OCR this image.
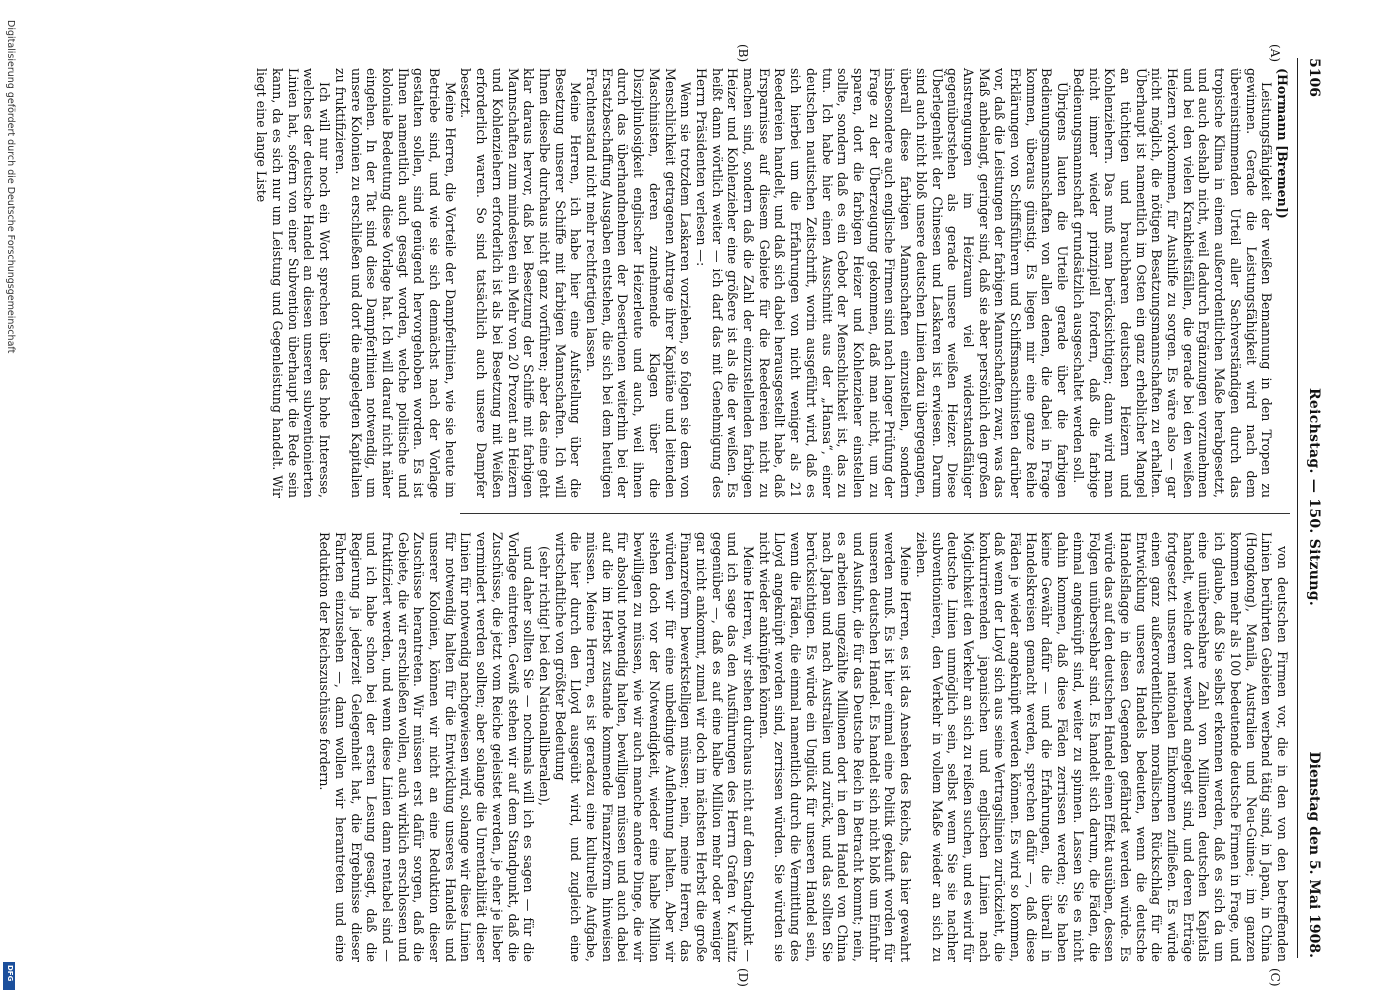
5106
Reichstag. — 150. Sitzung.
Dienstag den 5. Mai 1908.
(A)
(B)
(C)
(D)

(Hormann [Bremen])

Leistungsfähigkeit der weißen Bemannung in den Tropen zu gewinnen. Gerade die Leistungsfähigkeit wird nach dem übereinstimmenden Urteil aller Sachverständigen durch das tropische Klima in einem außerordentlichen Maße herabgesetzt, und auch deshalb nicht, weil dadurch Ergänzungen vorzunehmen und bei den vielen Krankheitsfällen, die gerade bei den weißen Heizern vorkommen, für Aushilfe zu sorgen. Es wäre also — gar nicht möglich, die nötigen Besatzungsmannschaften zu erhalten. Überhaupt ist namentlich im Osten ein ganz erheblicher Mangel an tüchtigen und brauchbaren deutschen Heizern und Kohlenziehern. Das muß man berücksichtigen; dann wird man nicht immer wieder prinzipiell fordern, daß die farbige Bedienungsmannschaft grundsätzlich ausgeschaltet werden soll.

Übrigens lauten die Urteile gerade über die farbigen Bedienungsmannschaften von allen denen, die dabei in Frage kommen, überaus günstig. Es liegen mir eine ganze Reihe Erklärungen von Schiffsführern und Schiffsmaschinisten darüber vor, daß die Leistungen der farbigen Mannschaften zwar, was das Maß anbelangt, geringer sind, daß sie aber persönlich den großen Anstrengungen im Heizraum viel widerstandsfähiger gegenüberstehen als gerade unsere weißen Heizer. Diese Überlegenheit der Chinesen und Laskaren ist erwiesen. Darum sind auch nicht bloß unsere deutschen Linien dazu übergegangen, überall diese farbigen Mannschaften einzustellen, sondern insbesondere auch englische Firmen sind nach langer Prüfung der Frage zu der Überzeugung gekommen, daß man nicht, um zu sparen, dort die farbigen Heizer und Kohlenzieher einstellen sollte, sondern daß es ein Gebot der Menschlichkeit ist, das zu tun. Ich habe hier einen Ausschnitt aus der „Hansa“, einer deutschen nautischen Zeitschrift, worin ausgeführt wird, daß es sich hierbei um die Erfahrungen von nicht weniger als 21 Reedereien handelt, und daß sich dabei herausgestellt habe, daß Ersparnisse auf diesem Gebiete für die Reedereien nicht zu machen sind, sondern daß die Zahl der einzustellenden farbigen Heizer und Kohlenzieher eine größere ist als die der weißen. Es heißt dann wörtlich weiter — ich darf das mit Genehmigung des Herrn Präsidenten verlesen —:

Wenn sie trotzdem Laskaren vorziehen, so folgen sie dem von Menschlichkeit getragenen Antrage ihrer Kapitäne und leitenden Maschinisten, deren zunehmende Klagen über die Disziplinlosigkeit englischer Heizerleute und auch, weil ihnen durch das überhandnehmen der Desertionen weiterhin bei der Ersatzbeschaffung Ausgaben entstehen, die sich bei dem heutigen Frachtenstand nicht mehr rechtfertigen lassen.

Meine Herren, ich habe hier eine Aufstellung über die Besetzung unserer Schiffe mit farbigen Mannschaften. Ich will Ihnen dieselbe durchaus nicht ganz vorführen; aber das eine geht klar daraus hervor, daß bei Besetzung der Schiffe mit farbigen Mannschaften zum mindesten ein Mehr von 20 Prozent an Heizern und Kohlenziehern erforderlich ist als bei Besetzung mit Weißen erforderlich waren. So sind tatsächlich auch unsere Dampfer besetzt.

Meine Herren, die Vorteile der Dampferlinien, wie sie heute im Betriebe sind, und wie sie sich demnächst nach der Vorlage gestalten sollen, sind genügend hervorgehoben worden. Es ist Ihnen namentlich auch gesagt worden, welche politische und koloniale Bedeutung diese Vorlage hat. Ich will darauf nicht näher eingehen. In der Tat sind diese Dampferlinien notwendig, um unsere Kolonien zu erschließen und dort die angelegten Kapitalien zu fruktifizieren.

Ich will nur noch ein Wort sprechen über das hohe Interesse, welches der deutsche Handel an diesen unseren subventionierten Linien hat, sofern von einer Subvention überhaupt die Rede sein kann, da es sich nur um Leistung und Gegenleistung handelt. Wir liegt eine lange Liste

von deutschen Firmen vor, die in den von den betreffenden Linien berührten Gebieten werbend tätig sind, in Japan, in China (Hongkong), Manila, Australien und Neu-Guinea; im ganzen kommen mehr als 100 bedeutende deutsche Firmen in Frage, und ich glaube, daß Sie selbst erkennen werden, daß es sich da um eine unübersehbare Zahl von Millionen deutschen Kapitals handelt, welche dort werbend angelegt sind, und deren Erträge fortgesetzt unserem nationalen Einkommen zufließen. Es würde einen ganz außerordentlichen moralischen Rückschlag für die Entwicklung unseres Handels bedeuten, wenn die deutsche Handelsflagge in diesen Gegenden gefährdet werden würde. Es würde das auf den deutschen Handel einen Effekt ausüben, dessen Folgen unübersehbar sind. Es handelt sich darum, die Fäden, die einmal angeknüpft sind, weiter zu spinnen. Lassen Sie es nicht dahin kommen, daß diese Fäden zerrissen werden; Sie haben keine Gewähr dafür — und die Erfahrungen, die überall in Handelskreisen gemacht werden, sprechen dafür —, daß diese Fäden je wieder angeknüpft werden können. Es wird so kommen, daß wenn der Lloyd sich aus seine Vertragslinien zurückzieht, die konkurrierenden japanischen und englischen Linien nach Möglichkeit den Verkehr an sich zu reißen suchen, und es wird für deutsche Linien unmöglich sein, selbst wenn Sie sie nachher subventionieren, den Verkehr in vollem Maße wieder an sich zu ziehen.

Meine Herren, es ist das Ansehen des Reichs, das hier gewahrt werden muß. Es ist hier einmal eine Politik gekauft worden für unseren deutschen Handel. Es handelt sich nicht bloß um Einfuhr und Ausfuhr, die für das Deutsche Reich in Betracht kommt; nein, es arbeiten ungezählte Millionen dort in dem Handel von China nach Japan und nach Australien und zurück, und das sollten Sie berücksichtigen. Es würde ein Unglück für unseren Handel sein, wenn die Fäden, die einmal namentlich durch die Vermittlung des Lloyd angeknüpft worden sind, zerrissen würden. Sie würden sie nicht wieder anknüpfen können.

Meine Herren, wir stehen durchaus nicht auf dem Standpunkt — und ich sage das den Ausführungen des Herrn Grafen v. Kanitz gegenüber —, daß es auf eine halbe Million mehr oder weniger gar nicht ankommt, zumal wir doch im nächsten Herbst die große Finanzreform bewerkstelligen müssen; nein, meine Herren, das würden wir für eine unbedingte Auflehnung halten. Aber wir stehen doch vor der Notwendigkeit, wieder eine halbe Million bewilligen zu müssen, wie wir auch manche andere Dinge, die wir für absolut notwendig halten, bewilligen müssen und auch dabei auf die im Herbst zustande kommende Finanzreform hinweisen müssen. Meine Herren, es ist geradezu eine kulturelle Aufgabe, die hier durch den Lloyd ausgeübt wird, und zugleich eine wirtschaftliche von größter Bedeutung

(sehr richtig! bei den Nationalliberalen),

und daher sollten Sie — nochmals will ich es sagen — für die Vorlage eintreten. Gewiß stehen wir auf dem Standpunkt, daß die Zuschüsse, die jetzt vom Reiche geleistet werden, je eher je lieber vermindert werden sollten; aber solange die Unrentabilität dieser Linien für notwendig nachgewiesen wird, solange wir diese Linien für notwendig halten für die Entwicklung unseres Handels und unserer Kolonien, können wir nicht an eine Reduktion dieser Zuschüsse herantreten. Wir müssen erst dafür sorgen, daß die Gebiete, die wir erschließen wollen, auch wirklich erschlossen und fruktifiziert werden, und wenn diese Linien dann rentabel sind — und ich habe schon bei der ersten Lesung gesagt, daß die Regierung ja jederzeit Gelegenheit hat, die Ergebnisse dieser Fahrten einzusehen —, dann wollen wir herantreten und eine Reduktion der Reichszuschüsse fordern.

Digitalisierung gefördert durch die Deutsche Forschungsgemeinschaft
DFG
